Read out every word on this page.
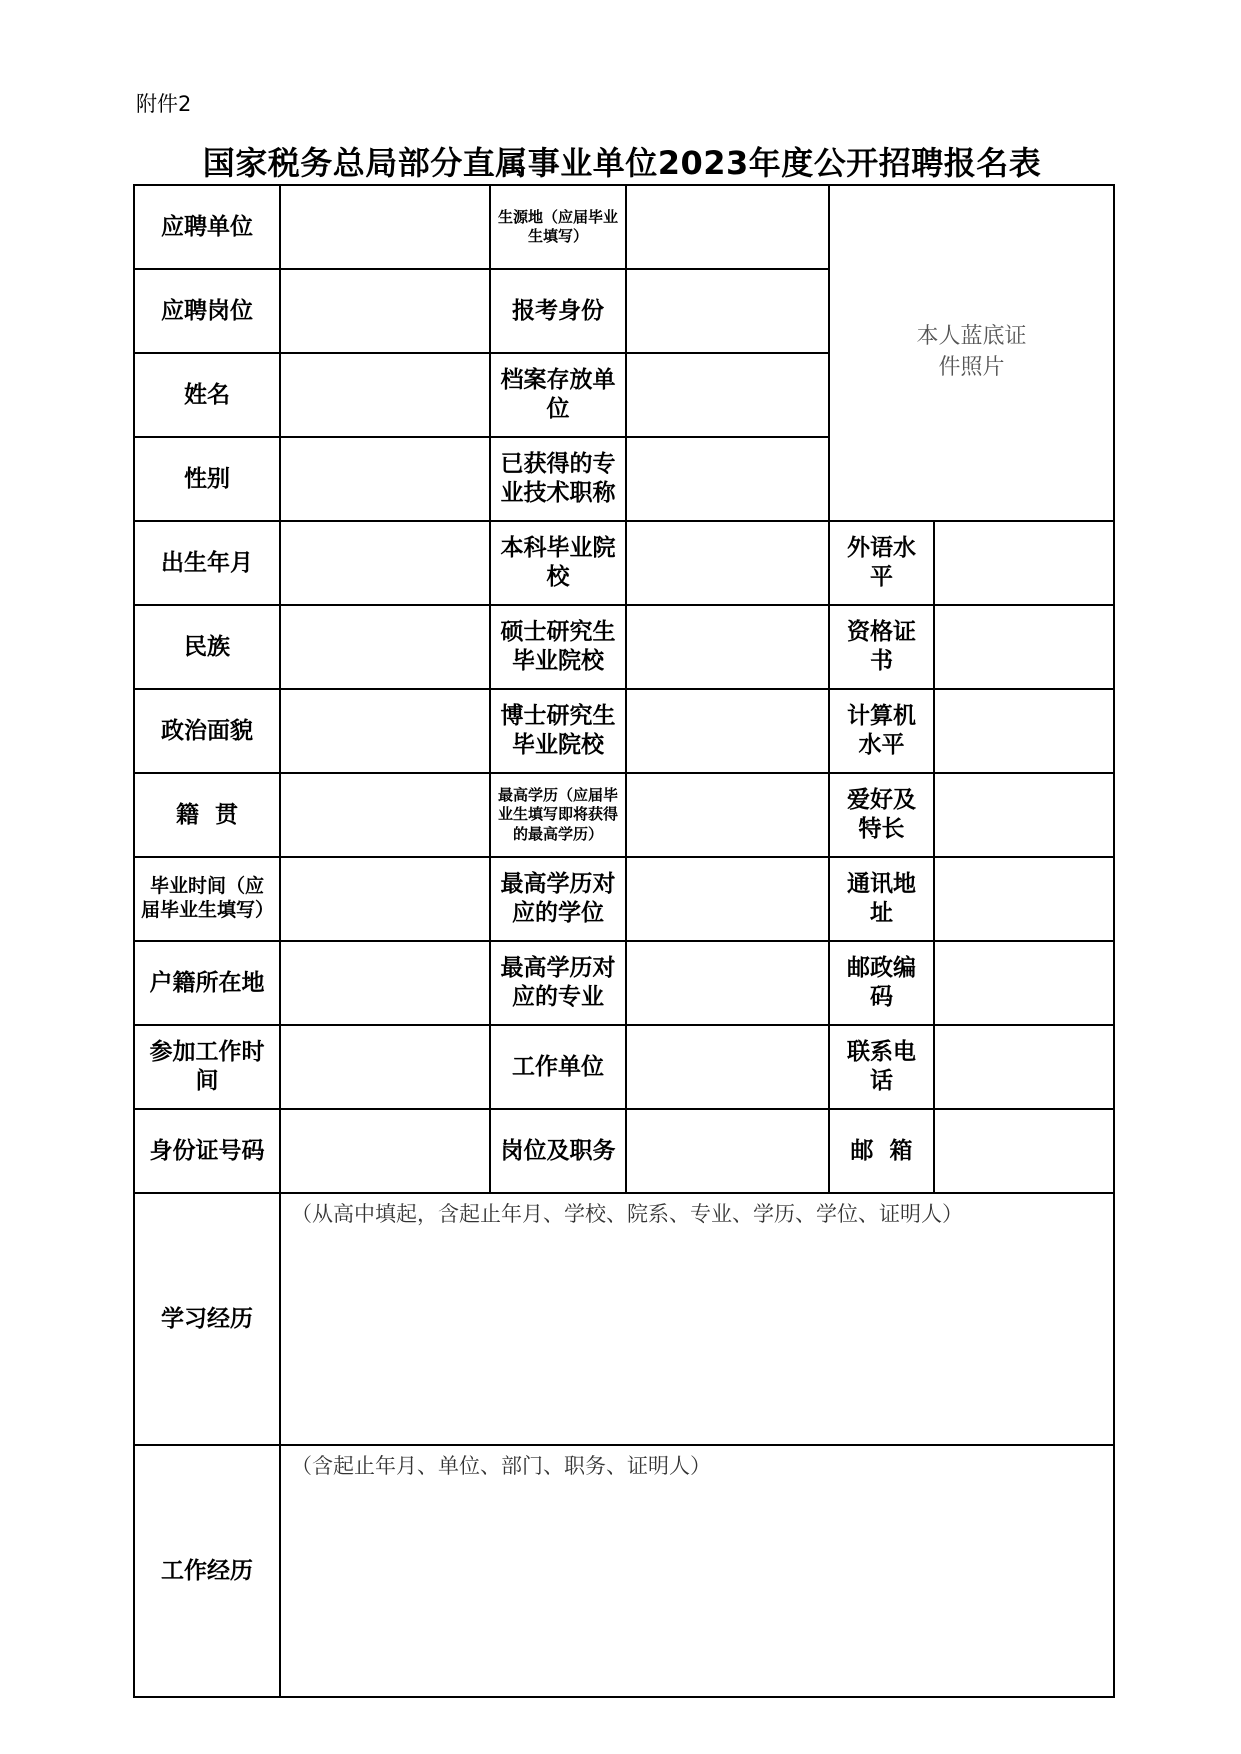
附件2
国家税务总局部分直属事业单位2023年度公开招聘报名表
应聘单位		生源地（应届毕业生填写）		本人蓝底证件照片	
应聘岗位		报考身份			
姓名		档案存放单位			
性别		已获得的专业技术职称			
出生年月		本科毕业院校		外语水平	
民族		硕士研究生毕业院校		资格证书	
政治面貌		博士研究生毕业院校		计算机水平	
籍  贯		最高学历（应届毕业生填写即将获得的最高学历）		爱好及特长	
毕业时间（应届毕业生填写）		最高学历对应的学位		通讯地址	
户籍所在地		最高学历对应的专业		邮政编码	
参加工作时间		工作单位		联系电话	
身份证号码		岗位及职务		邮  箱	
学习经历	（从高中填起，含起止年月、学校、院系、专业、学历、学位、证明人）				
工作经历	（含起止年月、单位、部门、职务、证明人）				
